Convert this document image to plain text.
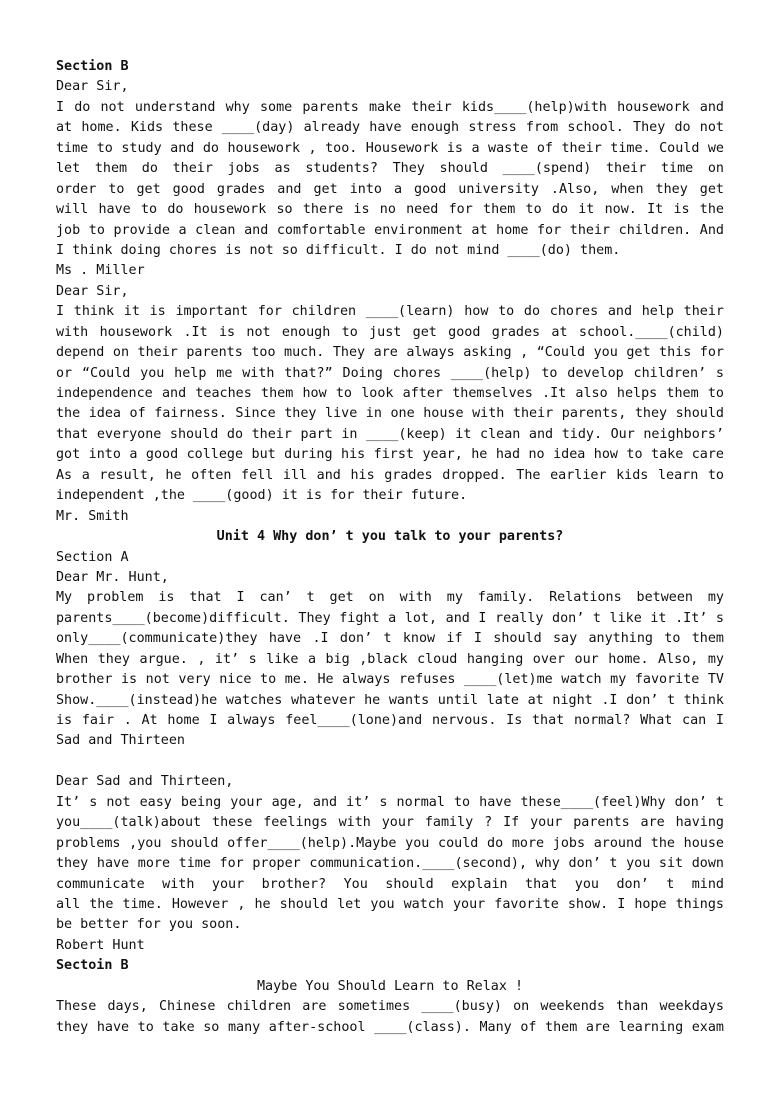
Section B
Dear Sir,
I do not understand why some parents make their kids____(help)with housework and
at home. Kids these ____(day) already have enough stress from school. They do not
time to study and do housework , too. Housework is a waste of their time. Could we
let them do their jobs as students? They should ____(spend) their time on
order to get good grades and get into a good university .Also, when they get
will have to do housework so there is no need for them to do it now. It is the
job to provide a clean and comfortable environment at home for their children. And
I think doing chores is not so difficult. I do not mind ____(do) them.
Ms . Miller
Dear Sir,
I think it is important for children ____(learn) how to do chores and help their
with housework .It is not enough to just get good grades at school.____(child)
depend on their parents too much. They are always asking , “Could you get this for
or “Could you help me with that?” Doing chores ____(help) to develop children’ s
independence and teaches them how to look after themselves .It also helps them to
the idea of fairness. Since they live in one house with their parents, they should
that everyone should do their part in ____(keep) it clean and tidy. Our neighbors’
got into a good college but during his first year, he had no idea how to take care
As a result, he often fell ill and his grades dropped. The earlier kids learn to
independent ,the ____(good) it is for their future.
Mr. Smith
Unit 4 Why don’ t you talk to your parents?
Section A
Dear Mr. Hunt,
My problem is that I can’ t get on with my family. Relations between my
parents____(become)difficult. They fight a lot, and I really don’ t like it .It’ s
only____(communicate)they have .I don’ t know if I should say anything to them
When they argue. , it’ s like a big ,black cloud hanging over our home. Also, my
brother is not very nice to me. He always refuses ____(let)me watch my favorite TV
Show.____(instead)he watches whatever he wants until late at night .I don’ t think
is fair . At home I always feel____(lone)and nervous. Is that normal? What can I
Sad and Thirteen

Dear Sad and Thirteen,
It’ s not easy being your age, and it’ s normal to have these____(feel)Why don’ t
you____(talk)about these feelings with your family ? If your parents are having
problems ,you should offer____(help).Maybe you could do more jobs around the house
they have more time for proper communication.____(second), why don’ t you sit down
communicate with your brother? You should explain that you don’ t mind
all the time. However , he should let you watch your favorite show. I hope things
be better for you soon.
Robert Hunt
Sectoin B
Maybe You Should Learn to Relax !
These days, Chinese children are sometimes ____(busy) on weekends than weekdays
they have to take so many after-school ____(class). Many of them are learning exam
